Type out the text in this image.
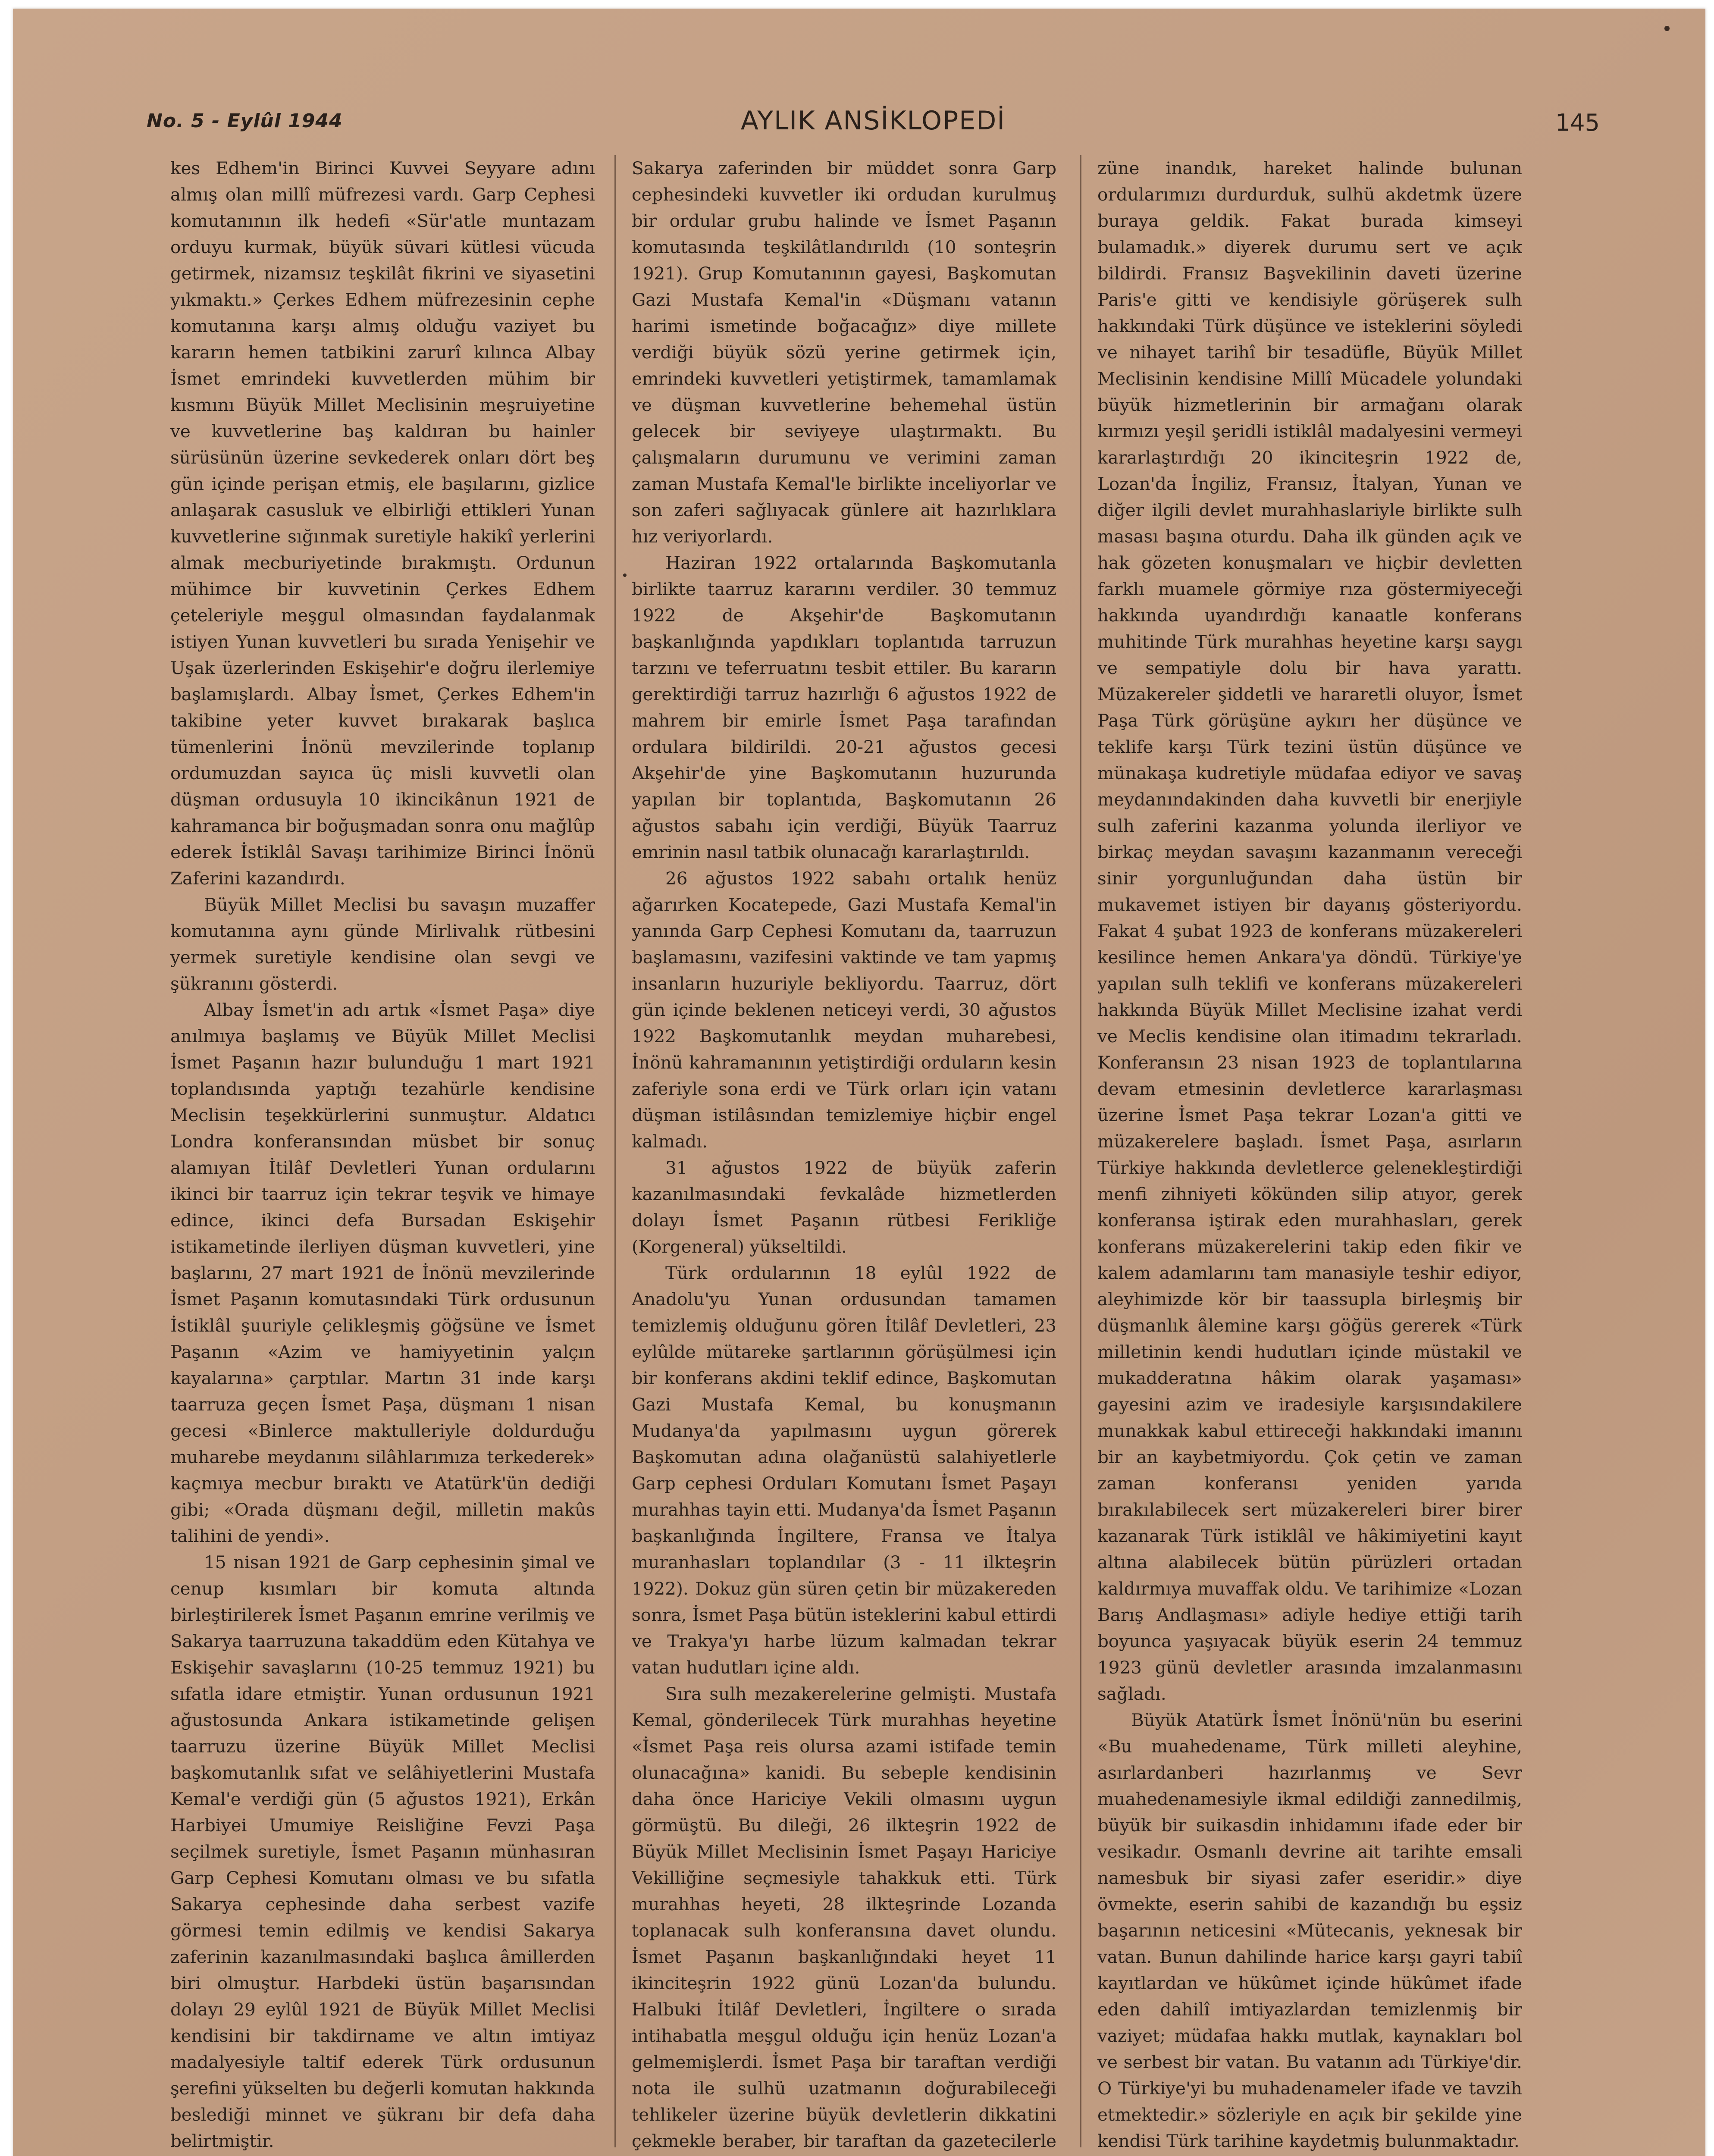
No. 5 - Eylûl 1944	AYLIK ANSİKLOPEDİ	145

kes Edhem'in Birinci Kuvvei Seyyare adını almış olan millî müfrezesi vardı. Garp Cephesi komutanının ilk hedefi «Sür'atle muntazam orduyu kurmak, büyük süvari kütlesi vücuda getirmek, nizamsız teşkilât fikrini ve siyasetini yıkmaktı.» Çerkes Edhem müfrezesinin cephe komutanına karşı almış olduğu vaziyet bu kararın hemen tatbikini zarurî kılınca Albay İsmet emrindeki kuvvetlerden mühim bir kısmını Büyük Millet Meclisinin meşruiyetine ve kuvvetlerine baş kaldıran bu hainler sürüsünün üzerine sevkederek onları dört beş gün içinde perişan etmiş, ele başılarını, gizlice anlaşarak casusluk ve elbirliği ettikleri Yunan kuvvetlerine sığınmak suretiyle hakikî yerlerini almak mecburiyetinde bırakmıştı. Ordunun mühimce bir kuvvetinin Çerkes Edhem çeteleriyle meşgul olmasından faydalanmak istiyen Yunan kuvvetleri bu sırada Yenişehir ve Uşak üzerlerinden Eskişehir'e doğru ilerlemiye başlamışlardı. Albay İsmet, Çerkes Edhem'in takibine yeter kuvvet bırakarak başlıca tümenlerini İnönü mevzilerinde toplanıp ordumuzdan sayıca üç misli kuvvetli olan düşman ordusuyla 10 ikincikânun 1921 de kahramanca bir boğuşmadan sonra onu mağlûp ederek İstiklâl Savaşı tarihimize Birinci İnönü Zaferini kazandırdı.

Büyük Millet Meclisi bu savaşın muzaffer komutanına aynı günde Mirlivalık rütbesini yermek suretiyle kendisine olan sevgi ve şükranını gösterdi.

Albay İsmet'in adı artık «İsmet Paşa» diye anılmıya başlamış ve Büyük Millet Meclisi İsmet Paşanın hazır bulunduğu 1 mart 1921 toplandısında yaptığı tezahürle kendisine Meclisin teşekkürlerini sunmuştur. Aldatıcı Londra konferansından müsbet bir sonuç alamıyan İtilâf Devletleri Yunan ordularını ikinci bir taarruz için tekrar teşvik ve himaye edince, ikinci defa Bursadan Eskişehir istikametinde ilerliyen düşman kuvvetleri, yine başlarını, 27 mart 1921 de İnönü mevzilerinde İsmet Paşanın komutasındaki Türk ordusunun İstiklâl şuuriyle çelikleşmiş göğsüne ve İsmet Paşanın «Azim ve hamiyyetinin yalçın kayalarına» çarptılar. Martın 31 inde karşı taarruza geçen İsmet Paşa, düşmanı 1 nisan gecesi «Binlerce maktulleriyle doldurduğu muharebe meydanını silâhlarımıza terkederek» kaçmıya mecbur bıraktı ve Atatürk'ün dediği gibi; «Orada düşmanı değil, milletin makûs talihini de yendi».

15 nisan 1921 de Garp cephesinin şimal ve cenup kısımları bir komuta altında birleştirilerek İsmet Paşanın emrine verilmiş ve Sakarya taarruzuna takaddüm eden Kütahya ve Eskişehir savaşlarını (10-25 temmuz 1921) bu sıfatla idare etmiştir. Yunan ordusunun 1921 ağustosunda Ankara istikametinde gelişen taarruzu üzerine Büyük Millet Meclisi başkomutanlık sıfat ve selâhiyetlerini Mustafa Kemal'e verdiği gün (5 ağustos 1921), Erkân Harbiyei Umumiye Reisliğine Fevzi Paşa seçilmek suretiyle, İsmet Paşanın münhasıran Garp Cephesi Komutanı olması ve bu sıfatla Sakarya cephesinde daha serbest vazife görmesi temin edilmiş ve kendisi Sakarya zaferinin kazanılmasındaki başlıca âmillerden biri olmuştur. Harbdeki üstün başarısından dolayı 29 eylûl 1921 de Büyük Millet Meclisi kendisini bir takdirname ve altın imtiyaz madalyesiyle taltif ederek Türk ordusunun şerefini yükselten bu değerli komutan hakkında beslediği minnet ve şükranı bir defa daha belirtmiştir.

Sakarya zaferinden bir müddet sonra Garp cephesindeki kuvvetler iki ordudan kurulmuş bir ordular grubu halinde ve İsmet Paşanın komutasında teşkilâtlandırıldı (10 sonteşrin 1921). Grup Komutanının gayesi, Başkomutan Gazi Mustafa Kemal'in «Düşmanı vatanın harimi ismetinde boğacağız» diye millete verdiği büyük sözü yerine getirmek için, emrindeki kuvvetleri yetiştirmek, tamamlamak ve düşman kuvvetlerine behemehal üstün gelecek bir seviyeye ulaştırmaktı. Bu çalışmaların durumunu ve verimini zaman zaman Mustafa Kemal'le birlikte inceliyorlar ve son zaferi sağlıyacak günlere ait hazırlıklara hız veriyorlardı.

Haziran 1922 ortalarında Başkomutanla birlikte taarruz kararını verdiler. 30 temmuz 1922 de Akşehir'de Başkomutanın başkanlığında yapdıkları toplantıda tarruzun tarzını ve teferruatını tesbit ettiler. Bu kararın gerektirdiği tarruz hazırlığı 6 ağustos 1922 de mahrem bir emirle İsmet Paşa tarafından ordulara bildirildi. 20-21 ağustos gecesi Akşehir'de yine Başkomutanın huzurunda yapılan bir toplantıda, Başkomutanın 26 ağustos sabahı için verdiği, Büyük Taarruz emrinin nasıl tatbik olunacağı kararlaştırıldı.

26 ağustos 1922 sabahı ortalık henüz ağarırken Kocatepede, Gazi Mustafa Kemal'in yanında Garp Cephesi Komutanı da, taarruzun başlamasını, vazifesini vaktinde ve tam yapmış insanların huzuriyle bekliyordu. Taarruz, dört gün içinde beklenen neticeyi verdi, 30 ağustos 1922 Başkomutanlık meydan muharebesi, İnönü kahramanının yetiştirdiği orduların kesin zaferiyle sona erdi ve Türk orları için vatanı düşman istilâsından temizlemiye hiçbir engel kalmadı.

31 ağustos 1922 de büyük zaferin kazanılmasındaki fevkalâde hizmetlerden dolayı İsmet Paşanın rütbesi Ferikliğe (Korgeneral) yükseltildi.

Türk ordularının 18 eylûl 1922 de Anadolu'yu Yunan ordusundan tamamen temizlemiş olduğunu gören İtilâf Devletleri, 23 eylûlde mütareke şartlarının görüşülmesi için bir konferans akdini teklif edince, Başkomutan Gazi Mustafa Kemal, bu konuşmanın Mudanya'da yapılmasını uygun görerek Başkomutan adına olağanüstü salahiyetlerle Garp cephesi Orduları Komutanı İsmet Paşayı murahhas tayin etti. Mudanya'da İsmet Paşanın başkanlığında İngiltere, Fransa ve İtalya muranhasları toplandılar (3 - 11 ilkteşrin 1922). Dokuz gün süren çetin bir müzakereden sonra, İsmet Paşa bütün isteklerini kabul ettirdi ve Trakya'yı harbe lüzum kalmadan tekrar vatan hudutları içine aldı.

Sıra sulh mezakerelerine gelmişti. Mustafa Kemal, gönderilecek Türk murahhas heyetine «İsmet Paşa reis olursa azami istifade temin olunacağına» kanidi. Bu sebeple kendisinin daha önce Hariciye Vekili olmasını uygun görmüştü. Bu dileği, 26 ilkteşrin 1922 de Büyük Millet Meclisinin İsmet Paşayı Hariciye Vekilliğine seçmesiyle tahakkuk etti. Türk murahhas heyeti, 28 ilkteşrinde Lozanda toplanacak sulh konferansına davet olundu. İsmet Paşanın başkanlığındaki heyet 11 ikinciteşrin 1922 günü Lozan'da bulundu. Halbuki İtilâf Devletleri, İngiltere o sırada intihabatla meşgul olduğu için henüz Lozan'a gelmemişlerdi. İsmet Paşa bir taraftan verdiği nota ile sulhü uzatmanın doğurabileceği tehlikeler üzerine büyük devletlerin dikkatini çekmekle beraber, bir taraftan da gazetecilerle

züne inandık, hareket halinde bulunan ordularımızı durdurduk, sulhü akdetmk üzere buraya geldik. Fakat burada kimseyi bulamadık.» diyerek durumu sert ve açık bildirdi. Fransız Başvekilinin daveti üzerine Paris'e gitti ve kendisiyle görüşerek sulh hakkındaki Türk düşünce ve isteklerini söyledi ve nihayet tarihî bir tesadüfle, Büyük Millet Meclisinin kendisine Millî Mücadele yolundaki büyük hizmetlerinin bir armağanı olarak kırmızı yeşil şeridli istiklâl madalyesini vermeyi kararlaştırdığı 20 ikinciteşrin 1922 de, Lozan'da İngiliz, Fransız, İtalyan, Yunan ve diğer ilgili devlet murahhaslariyle birlikte sulh masası başına oturdu. Daha ilk günden açık ve hak gözeten konuşmaları ve hiçbir devletten farklı muamele görmiye rıza göstermiyeceği hakkında uyandırdığı kanaatle konferans muhitinde Türk murahhas heyetine karşı saygı ve sempatiyle dolu bir hava yarattı. Müzakereler şiddetli ve hararetli oluyor, İsmet Paşa Türk görüşüne aykırı her düşünce ve teklife karşı Türk tezini üstün düşünce ve münakaşa kudretiyle müdafaa ediyor ve savaş meydanındakinden daha kuvvetli bir enerjiyle sulh zaferini kazanma yolunda ilerliyor ve birkaç meydan savaşını kazanmanın vereceği sinir yorgunluğundan daha üstün bir mukavemet istiyen bir dayanış gösteriyordu. Fakat 4 şubat 1923 de konferans müzakereleri kesilince hemen Ankara'ya döndü. Türkiye'ye yapılan sulh teklifi ve konferans müzakereleri hakkında Büyük Millet Meclisine izahat verdi ve Meclis kendisine olan itimadını tekrarladı. Konferansın 23 nisan 1923 de toplantılarına devam etmesinin devletlerce kararlaşması üzerine İsmet Paşa tekrar Lozan'a gitti ve müzakerelere başladı. İsmet Paşa, asırların Türkiye hakkında devletlerce gelenekleştirdiği menfi zihniyeti kökünden silip atıyor, gerek konferansa iştirak eden murahhasları, gerek konferans müzakerelerini takip eden fikir ve kalem adamlarını tam manasiyle teshir ediyor, aleyhimizde kör bir taassupla birleşmiş bir düşmanlık âlemine karşı göğüs gererek «Türk milletinin kendi hudutları içinde müstakil ve mukadderatına hâkim olarak yaşaması» gayesini azim ve iradesiyle karşısındakilere munakkak kabul ettireceği hakkındaki imanını bir an kaybetmiyordu. Çok çetin ve zaman zaman konferansı yeniden yarıda bırakılabilecek sert müzakereleri birer birer kazanarak Türk istiklâl ve hâkimiyetini kayıt altına alabilecek bütün pürüzleri ortadan kaldırmıya muvaffak oldu. Ve tarihimize «Lozan Barış Andlaşması» adiyle hediye ettiği tarih boyunca yaşıyacak büyük eserin 24 temmuz 1923 günü devletler arasında imzalanmasını sağladı.

Büyük Atatürk İsmet İnönü'nün bu eserini «Bu muahedename, Türk milleti aleyhine, asırlardanberi hazırlanmış ve Sevr muahedenamesiyle ikmal edildiği zannedilmiş, büyük bir suikasdin inhidamını ifade eder bir vesikadır. Osmanlı devrine ait tarihte emsali namesbuk bir siyasi zafer eseridir.» diye övmekte, eserin sahibi de kazandığı bu eşsiz başarının neticesini «Mütecanis, yeknesak bir vatan. Bunun dahilinde harice karşı gayri tabiî kayıtlardan ve hükûmet içinde hükûmet ifade eden dahilî imtiyazlardan temizlenmiş bir vaziyet; müdafaa hakkı mutlak, kaynakları bol ve serbest bir vatan. Bu vatanın adı Türkiye'dir. O Türkiye'yi bu muhadenameler ifade ve tavzih etmektedir.» sözleriyle en açık bir şekilde yine kendisi Türk tarihine kaydetmiş bulunmaktadır.
